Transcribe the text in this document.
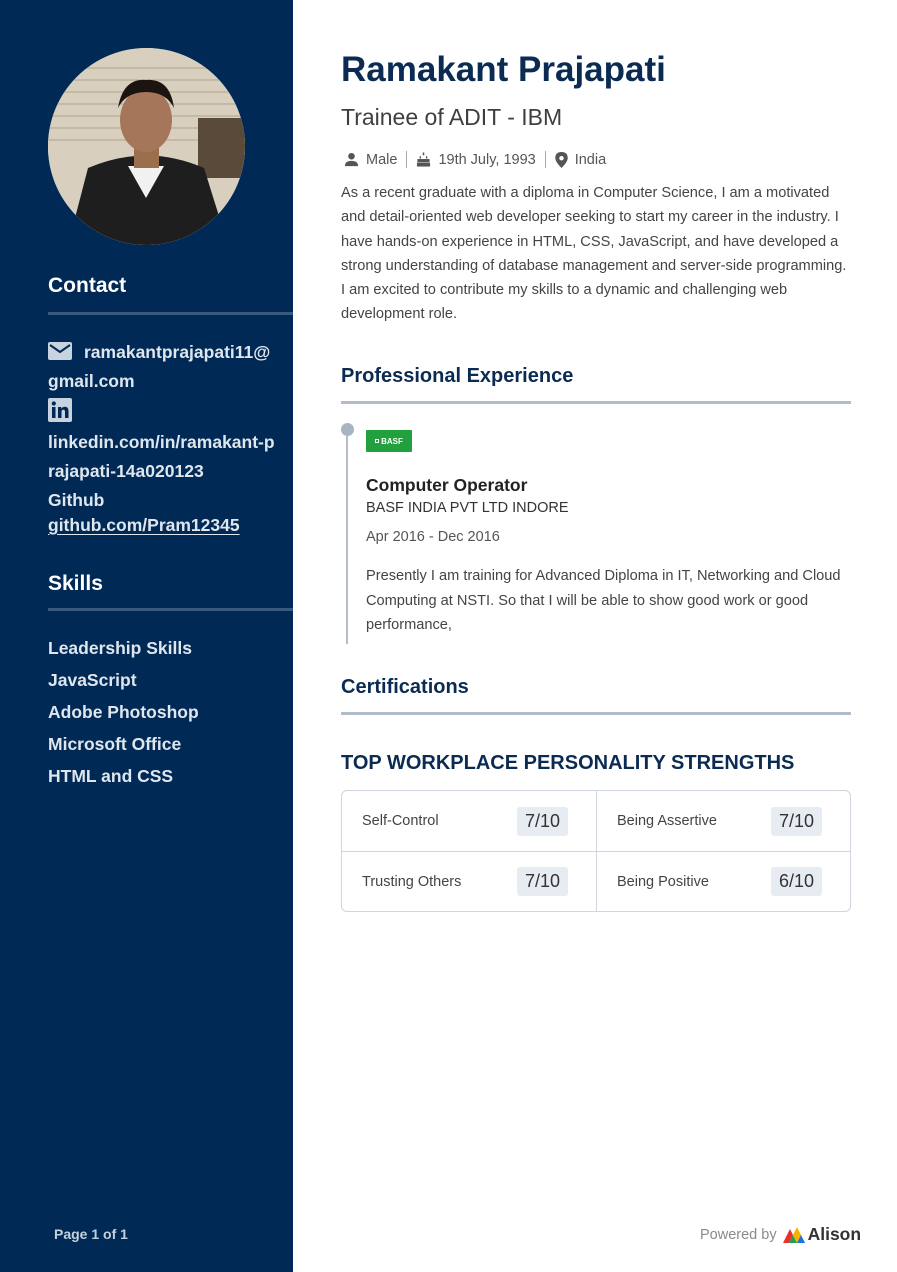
Contact
ramakantprajapati11@gmail.com
linkedin.com/in/ramakant-prajapati-14a020123
Github
github.com/Pram12345
Skills
Leadership Skills
JavaScript
Adobe Photoshop
Microsoft Office
HTML and CSS
Page 1 of 1
Ramakant Prajapati
Trainee of ADIT - IBM
Male	19th July, 1993	India

As a recent graduate with a diploma in Computer Science, I am a motivated and detail-oriented web developer seeking to start my career in the industry. I have hands-on experience in HTML, CSS, JavaScript, and have developed a strong understanding of database management and server-side programming. I am excited to contribute my skills to a dynamic and challenging web development role.

Professional Experience
BASF
Computer Operator
BASF INDIA PVT LTD INDORE
Apr 2016 - Dec 2016

Presently I am training for Advanced Diploma in IT, Networking and Cloud Computing at NSTI. So that I will be able to show good work or good performance,

Certifications
TOP WORKPLACE PERSONALITY STRENGTHS
Self-Control	7/10	Being Assertive	7/10
Trusting Others	7/10	Being Positive	6/10
Powered by Alison
